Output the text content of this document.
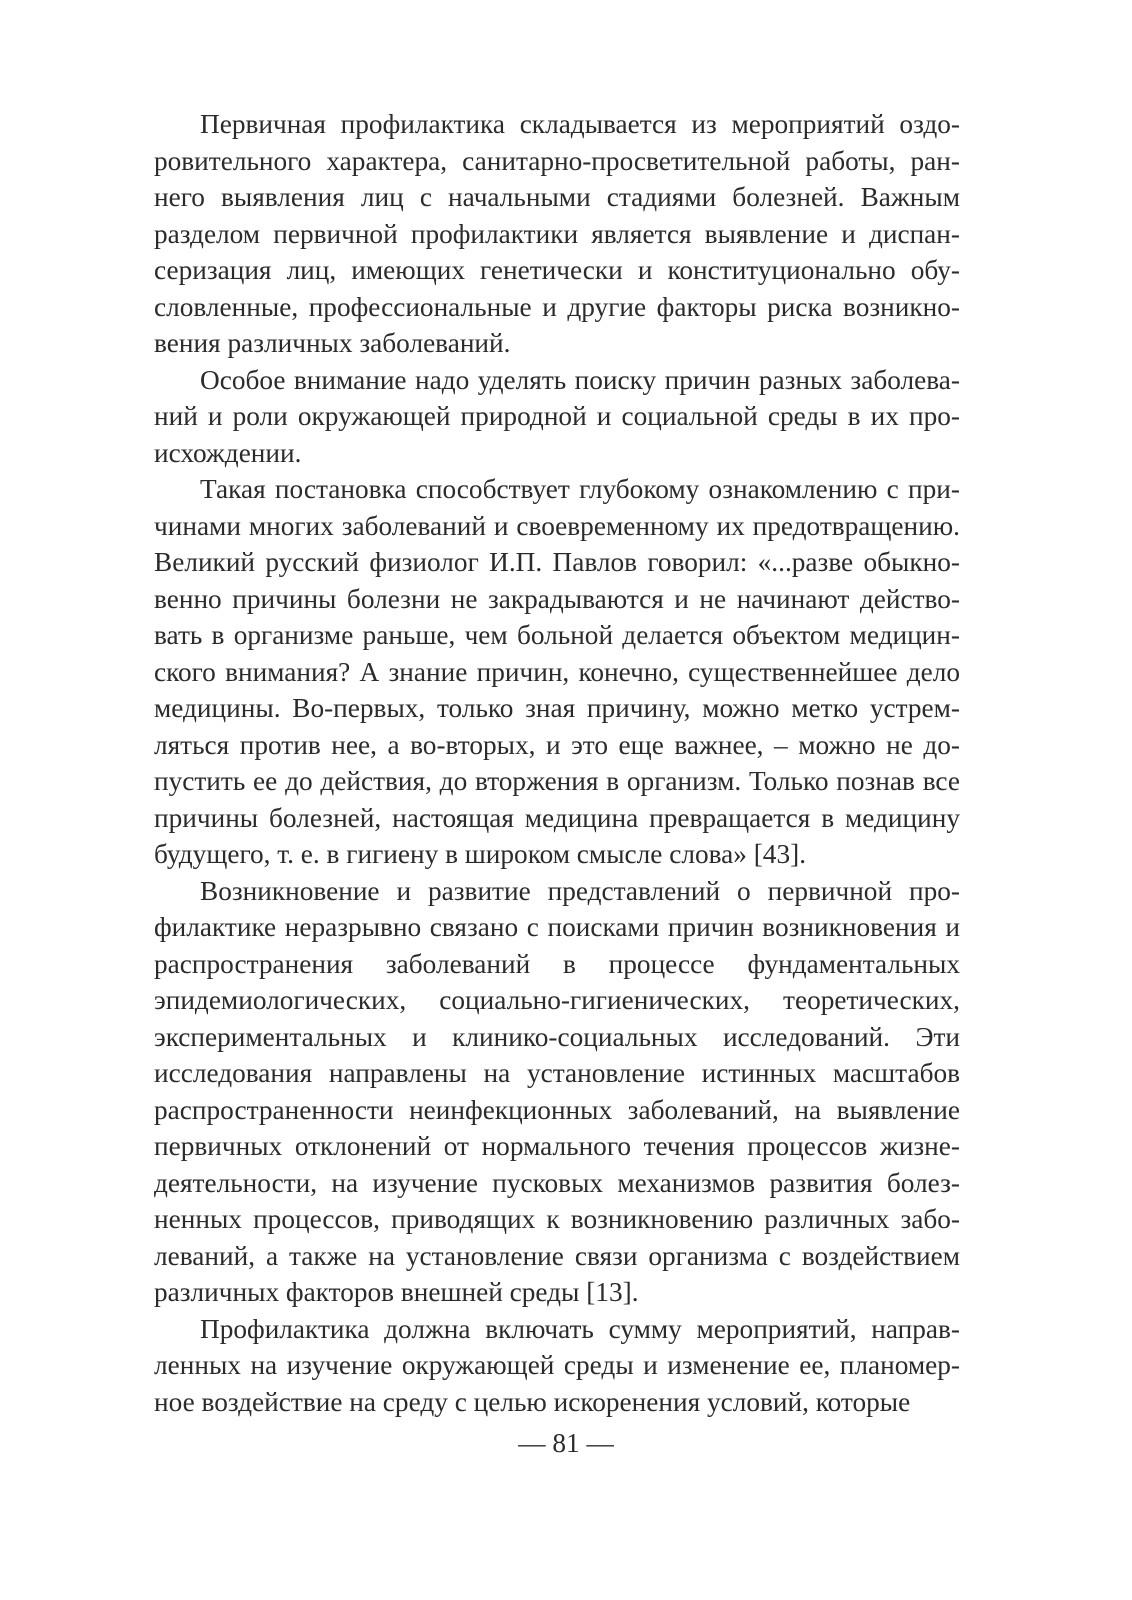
Первичная профилактика складывается из мероприятий оздоровительного характера, санитарно-просветительной работы, раннего выявления лиц с начальными стадиями болезней. Важным разделом первичной профилактики является выявление и диспансеризация лиц, имеющих генетически и конституционально обусловленные, профессиональные и другие факторы риска возникновения различных заболеваний.

Особое внимание надо уделять поиску причин разных заболеваний и роли окружающей природной и социальной среды в их происхождении.

Такая постановка способствует глубокому ознакомлению с причинами многих заболеваний и своевременному их предотвращению. Великий русский физиолог И.П. Павлов говорил: «...разве обыкновенно причины болезни не закрадываются и не начинают действовать в организме раньше, чем больной делается объектом медицинского внимания? А знание причин, конечно, существеннейшее дело медицины. Во-первых, только зная причину, можно метко устремляться против нее, а во-вторых, и это еще важнее, – можно не допустить ее до действия, до вторжения в организм. Только познав все причины болезней, настоящая медицина превращается в медицину будущего, т. е. в гигиену в широком смысле слова» [43].

Возникновение и развитие представлений о первичной профилактике неразрывно связано с поисками причин возникновения и распространения заболеваний в процессе фундаментальных эпидемиологических, социально-гигиенических, теоретических, экспериментальных и клинико-социальных исследований. Эти исследования направлены на установление истинных масштабов распространенности неинфекционных заболеваний, на выявление первичных отклонений от нормального течения процессов жизнедеятельности, на изучение пусковых механизмов развития болезненных процессов, приводящих к возникновению различных заболеваний, а также на установление связи организма с воздействием различных факторов внешней среды [13].

Профилактика должна включать сумму мероприятий, направленных на изучение окружающей среды и изменение ее, планомерное воздействие на среду с целью искоренения условий, которые

— 81 —
